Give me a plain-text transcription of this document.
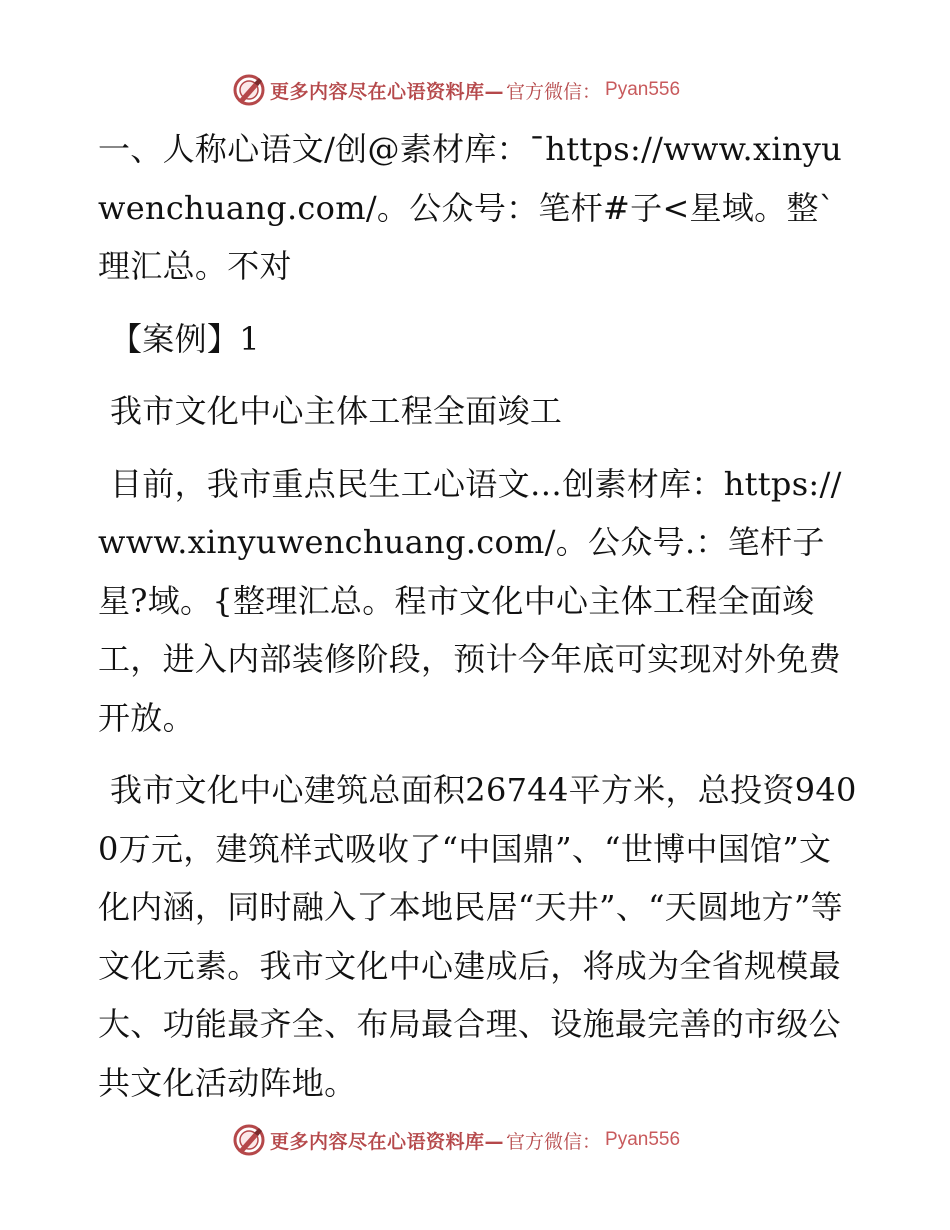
更多内容尽在心语资料库— 官方微信： Pyan556

一、人称心语文/创@素材库：¯https://www.xinyuwenchuang.com/。公众号：笔杆#子<星域。整ˋ理汇总。不对

【案例】1

我市文化中心主体工程全面竣工

目前，我市重点民生工心语文…创素材库：https://www.xinyuwenchuang.com/。公众号.：笔杆子星?域。{整理汇总。程市文化中心主体工程全面竣工，进入内部装修阶段，预计今年底可实现对外免费开放。

我市文化中心建筑总面积26744平方米，总投资9400万元，建筑样式吸收了“中国鼎”、“世博中国馆”文化内涵，同时融入了本地民居“天井”、“天圆地方”等文化元素。我市文化中心建成后，将成为全省规模最大、功能最齐全、布局最合理、设施最完善的市级公共文化活动阵地。

更多内容尽在心语资料库— 官方微信： Pyan556
